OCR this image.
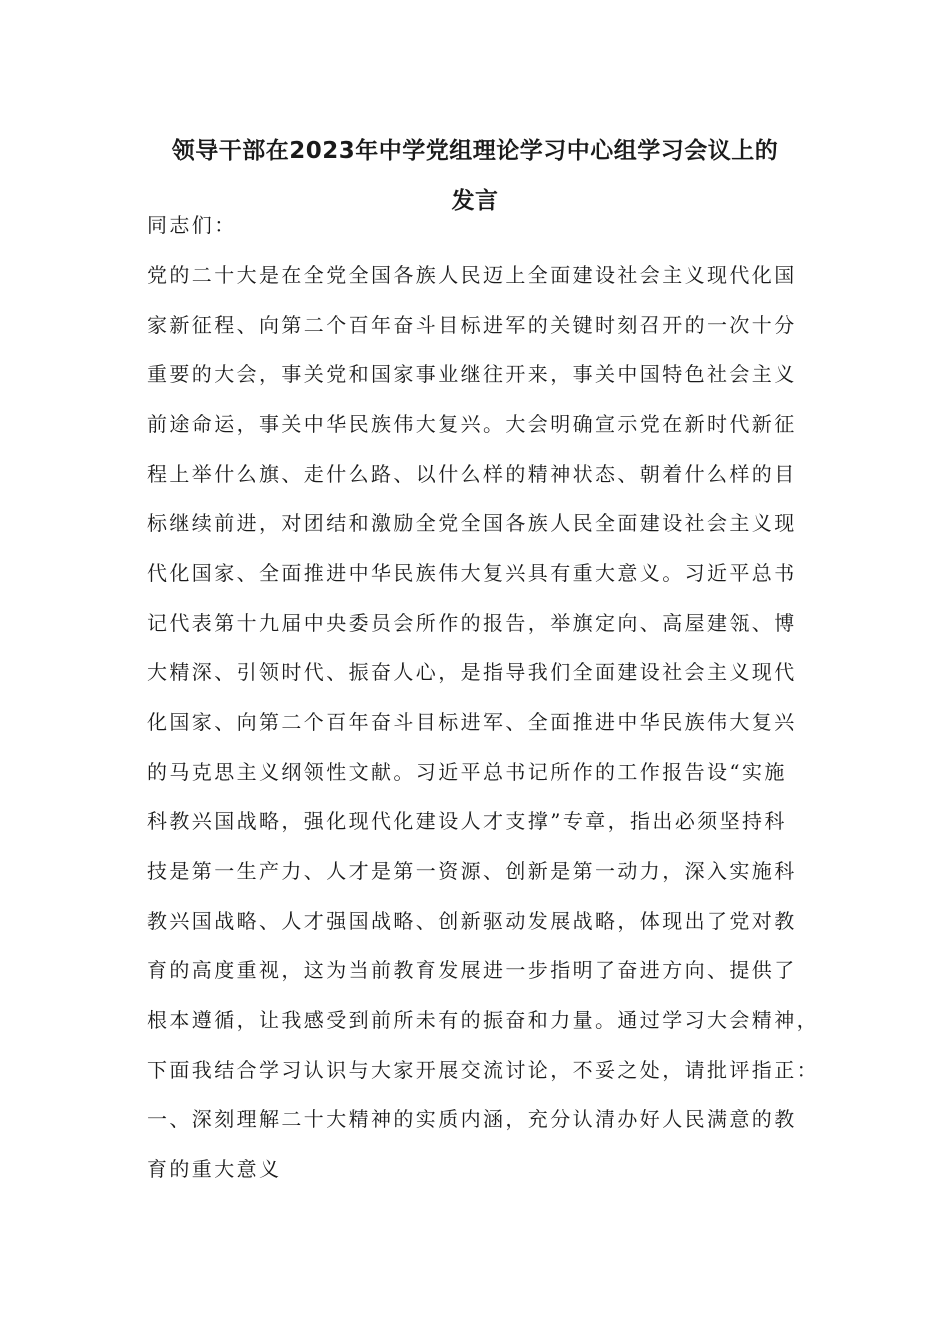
领导干部在2023年中学党组理论学习中心组学习会议上的
发言
同志们：
党的二十大是在全党全国各族人民迈上全面建设社会主义现代化国
家新征程、向第二个百年奋斗目标进军的关键时刻召开的一次十分
重要的大会，事关党和国家事业继往开来，事关中国特色社会主义
前途命运，事关中华民族伟大复兴。大会明确宣示党在新时代新征
程上举什么旗、走什么路、以什么样的精神状态、朝着什么样的目
标继续前进，对团结和激励全党全国各族人民全面建设社会主义现
代化国家、全面推进中华民族伟大复兴具有重大意义。习近平总书
记代表第十九届中央委员会所作的报告，举旗定向、高屋建瓴、博
大精深、引领时代、振奋人心，是指导我们全面建设社会主义现代
化国家、向第二个百年奋斗目标进军、全面推进中华民族伟大复兴
的马克思主义纲领性文献。习近平总书记所作的工作报告设“实施
科教兴国战略，强化现代化建设人才支撑”专章，指出必须坚持科
技是第一生产力、人才是第一资源、创新是第一动力，深入实施科
教兴国战略、人才强国战略、创新驱动发展战略，体现出了党对教
育的高度重视，这为当前教育发展进一步指明了奋进方向、提供了
根本遵循，让我感受到前所未有的振奋和力量。通过学习大会精神，
下面我结合学习认识与大家开展交流讨论，不妥之处，请批评指正：
一、深刻理解二十大精神的实质内涵，充分认清办好人民满意的教
育的重大意义
